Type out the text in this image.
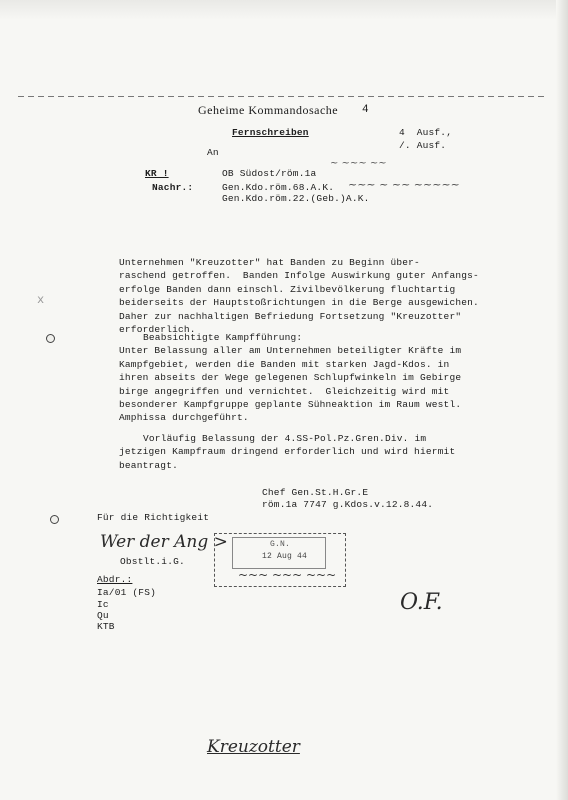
Geheime Kommandosache 4
Fernschreiben	4  Ausf.,
/. Ausf.
An
KR !	OB Südost/röm.1a
Nachr.:	Gen.Kdo.röm.68.A.K.
Gen.Kdo.röm.22.(Geb.)A.K.
~ ~~~ ~~
~~~ ~ ~~ ~~~~~
Unternehmen "Kreuzotter" hat Banden zu Beginn über-
raschend getroffen.  Banden Infolge Auswirkung guter Anfangs-
erfolge Banden dann einschl. Zivilbevölkerung fluchtartig
beiderseits der Hauptstoßrichtungen in die Berge ausgewichen.
Daher zur nachhaltigen Befriedung Fortsetzung "Kreuzotter"
erforderlich.
Beabsichtigte Kampfführung:
Unter Belassung aller am Unternehmen beteiligter Kräfte im
Kampfgebiet, werden die Banden mit starken Jagd-Kdos. in
ihren abseits der Wege gelegenen Schlupfwinkeln im Gebirge
birge angegriffen und vernichtet.  Gleichzeitig wird mit
besonderer Kampfgruppe geplante Sühneaktion im Raum westl.
Amphissa durchgeführt.
Vorläufig Belassung der 4.SS-Pol.Pz.Gren.Div. im
jetzigen Kampfraum dringend erforderlich und wird hiermit
beantragt.
Chef Gen.St.H.Gr.E
röm.1a 7747 g.Kdos.v.12.8.44.
x
Für die Richtigkeit
Wer der Ang >
Obstlt.i.G.
G.N.
12 Aug 44
~~~ ~~~ ~~~
Abdr.:
Ia/01 (FS)
Ic
Qu
KTB
O.F.
Kreuzotter
